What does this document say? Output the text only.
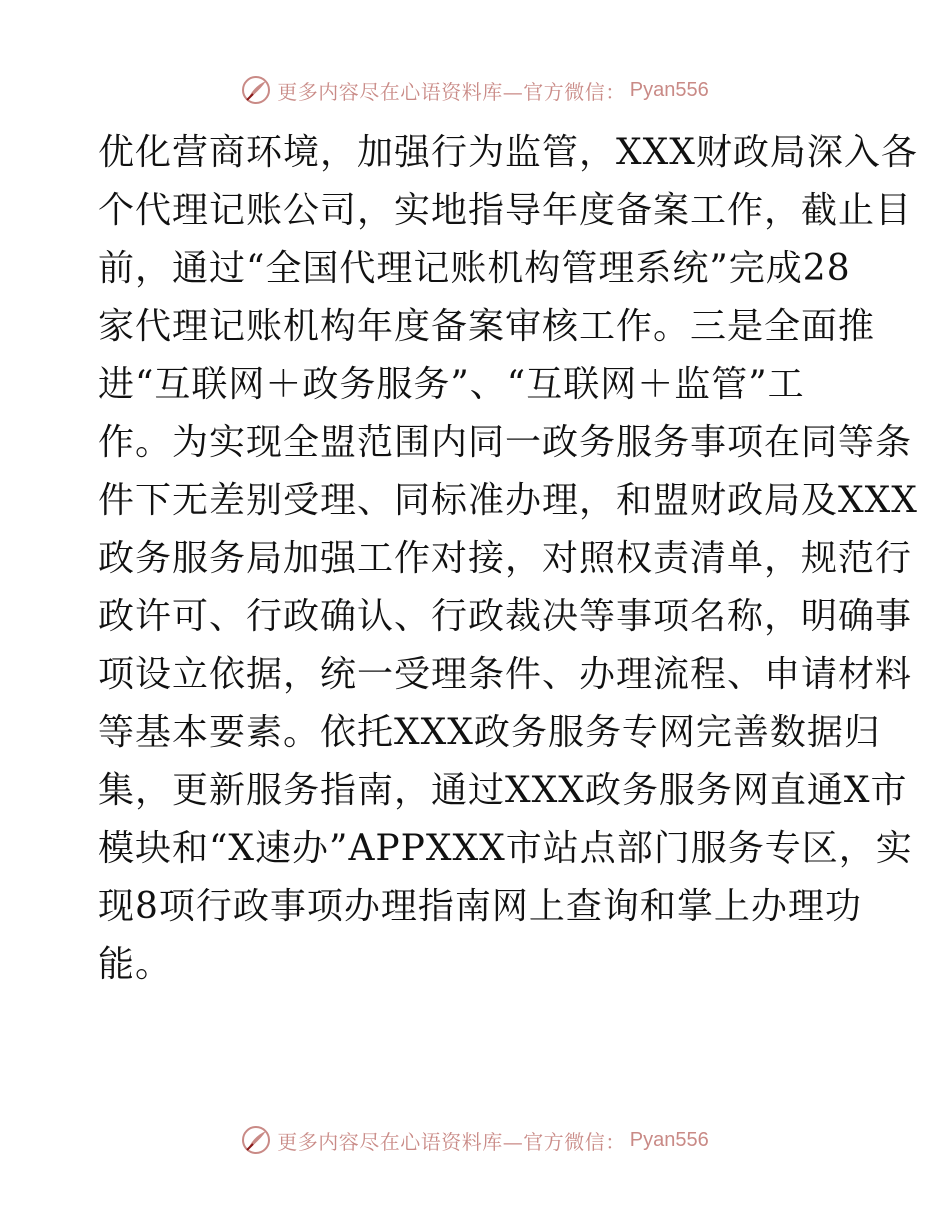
更多内容尽在心语资料库—官方微信： Pyan556
优化营商环境，加强行为监管，XXX财政局深入各
个代理记账公司，实地指导年度备案工作，截止目
前，通过“全国代理记账机构管理系统”完成28
家代理记账机构年度备案审核工作。三是全面推
进“互联网＋政务服务”、“互联网＋监管”工
作。为实现全盟范围内同一政务服务事项在同等条
件下无差别受理、同标准办理，和盟财政局及XXX
政务服务局加强工作对接，对照权责清单，规范行
政许可、行政确认、行政裁决等事项名称，明确事
项设立依据，统一受理条件、办理流程、申请材料
等基本要素。依托XXX政务服务专网完善数据归
集，更新服务指南，通过XXX政务服务网直通X市
模块和“X速办”APPXXX市站点部门服务专区，实
现8项行政事项办理指南网上查询和掌上办理功
能。
更多内容尽在心语资料库—官方微信： Pyan556
